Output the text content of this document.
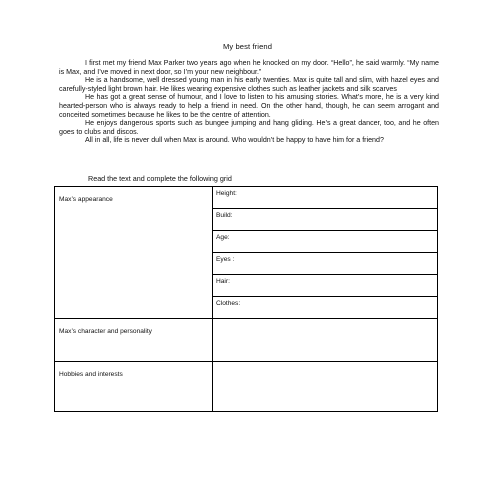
My best friend

I first met my friend Max Parker two years ago when he knocked on my door. “Hello”, he said warmly. “My name is Max, and I’ve moved in next door, so I’m your new neighbour.”

He is a handsome, well dressed young man in his early twenties. Max is quite tall and slim, with hazel eyes and carefully-styled light brown hair. He likes wearing expensive clothes such as leather jackets and silk scarves

He has got a great sense of humour, and I love to listen to his amusing stories. What’s more, he is a very kind hearted-person who is always ready to help a friend in need. On the other hand, though, he can seem arrogant and conceited sometimes because he likes to be the centre of attention.

He enjoys dangerous sports such as bungee jumping and hang gliding. He’s a great dancer, too, and he often goes to clubs and discos.

All in all, life is never dull when Max is around. Who wouldn’t be happy to have him for a friend?

Read the text and complete the following grid
Max’s appearance	Height:
	Build:
	Age:
	Eyes :
	Hair:
	Clothes:
Max’s character and personality	
Hobbies and interests	
